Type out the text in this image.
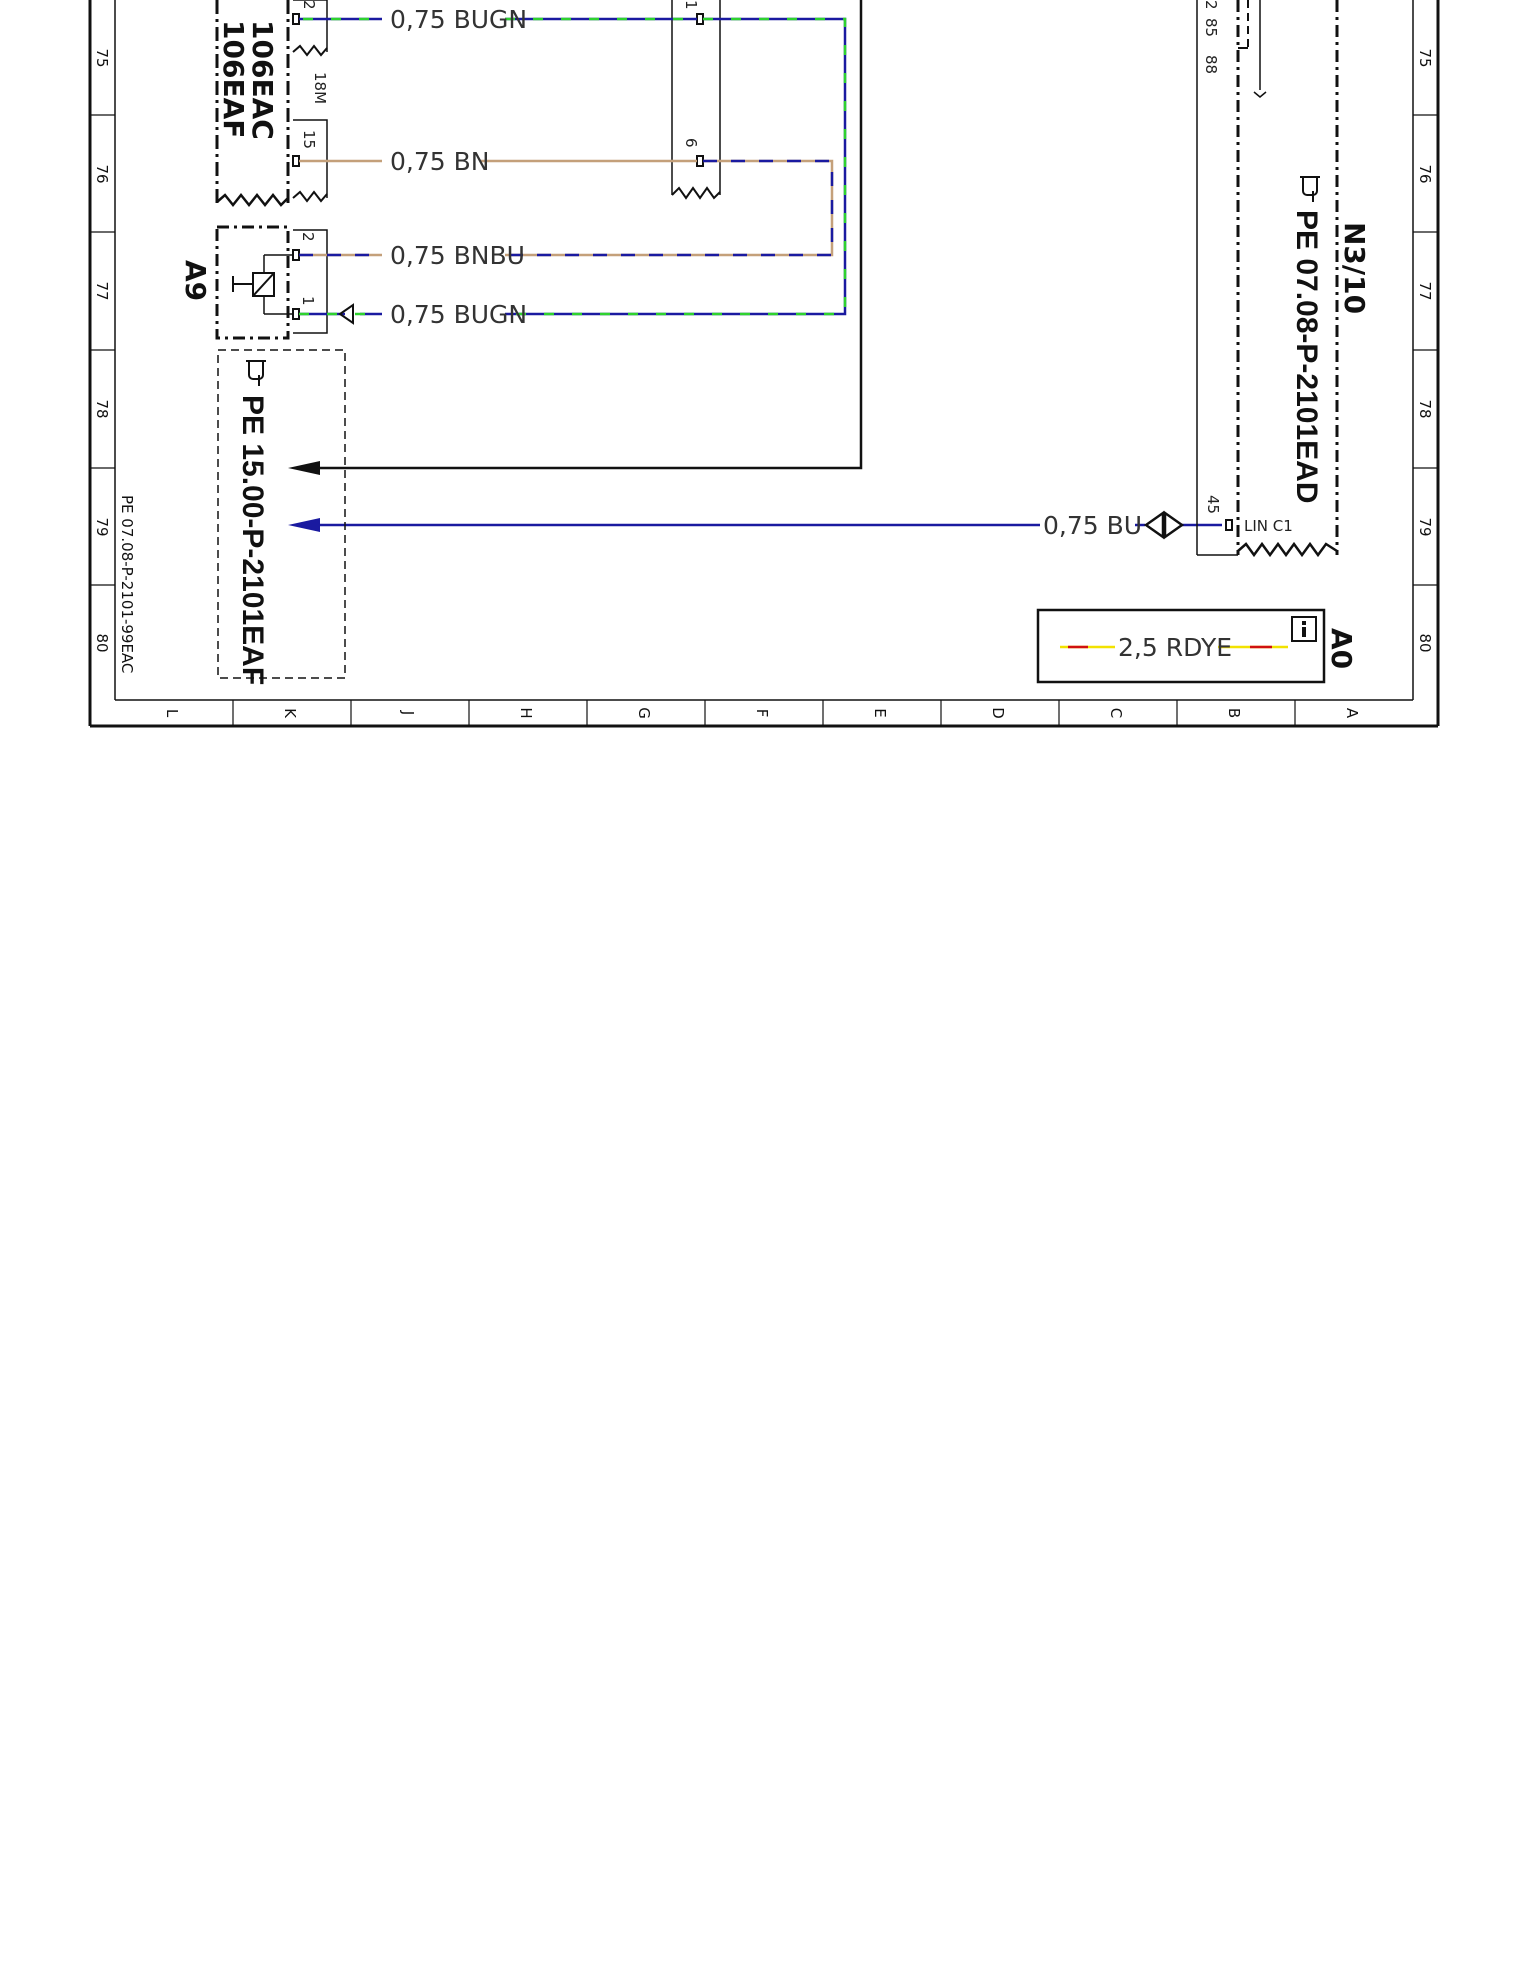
75
76
77
78
79
80
75
76
77
78
79
80
L	K	J	H	G	F	E	D	C	B	A
PE 07.08-P-2101-99EAC
106EAC
106EAF	18M
2
15
2
1
A9
1
6
0,75 BUGN
0,75 BN
0,75 BNBU
0,75 BUGN
0,75 BU
PE 15.00-P-2101EAF
2
85
88
45
LIN C1
N3/10
PE 07.08-P-2101EAD
2,5 RDYE	A0
